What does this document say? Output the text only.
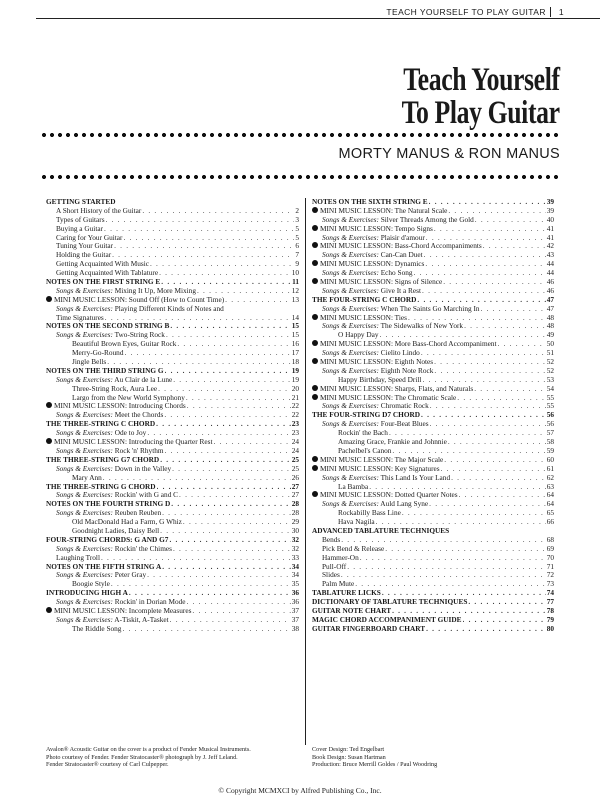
TEACH YOURSELF TO PLAY GUITAR 1
Teach Yourself
To Play Guitar
MORTY MANUS & RON MANUS
GETTING STARTED
A Short History of the Guitar . . .	2
Types of Guitars . . .	3
Buying a Guitar . . .	5
Caring for Your Guitar . . .	5
Tuning Your Guitar . . .	6
Holding the Guitar . . .	7
Getting Acquainted With Music . . .	9
Getting Acquainted With Tablature . . .	10
NOTES ON THE FIRST STRING E . . .	11
Songs & Exercises: Mixing It Up, More Mixing . . .	12
MINI MUSIC LESSON: Sound Off (How to Count Time) . . .	13
Songs & Exercises: Playing Different Kinds of Notes and
Time Signatures . . .	14
NOTES ON THE SECOND STRING B . . .	15
Songs & Exercises: Two-String Rock . . .	15
Beautiful Brown Eyes, Guitar Rock . . .	16
Merry-Go-Round . . .	17
Jingle Bells . . .	18
NOTES ON THE THIRD STRING G . . .	19
Songs & Exercises: Au Clair de la Lune . . .	19
Three-String Rock, Aura Lee . . .	20
Largo from the New World Symphony . . .	21
MINI MUSIC LESSON: Introducing Chords . . .	22
Songs & Exercises: Meet the Chords . . .	22
THE THREE-STRING C CHORD . . .	23
Songs & Exercises: Ode to Joy . . .	23
MINI MUSIC LESSON: Introducing the Quarter Rest . . .	24
Songs & Exercises: Rock 'n' Rhythm . . .	24
THE THREE-STRING G7 CHORD . . .	25
Songs & Exercises: Down in the Valley . . .	25
Mary Ann . . .	26
THE THREE-STRING G CHORD . . .	27
Songs & Exercises: Rockin' with G and C . . .	27
NOTES ON THE FOURTH STRING D . . .	28
Songs & Exercises: Reuben Reuben . . .	28
Old MacDonald Had a Farm, G Whiz . . .	29
Goodnight Ladies, Daisy Bell . . .	30
FOUR-STRING CHORDS: G AND G7 . . .	32
Songs & Exercises: Rockin' the Chimes . . .	32
Laughing Troll . . .	33
NOTES ON THE FIFTH STRING A . . .	34
Songs & Exercises: Peter Gray . . .	34
Boogie Style . . .	35
INTRODUCING HIGH A . . .	36
Songs & Exercises: Rockin' in Dorian Mode . . .	36
MINI MUSIC LESSON: Incomplete Measures . . .	37
Songs & Exercises: A-Tiskit, A-Tasket . . .	37
The Riddle Song . . .	38
NOTES ON THE SIXTH STRING E . . .	39
MINI MUSIC LESSON: The Natural Scale . . .	39
Songs & Exercises: Silver Threads Among the Gold . . .	40
MINI MUSIC LESSON: Tempo Signs . . .	41
Songs & Exercises: Plaisir d'amour . . .	41
MINI MUSIC LESSON: Bass-Chord Accompaniments . . .	42
Songs & Exercises: Can-Can Duet . . .	43
MINI MUSIC LESSON: Dynamics . . .	44
Songs & Exercises: Echo Song . . .	44
MINI MUSIC LESSON: Signs of Silence . . .	46
Songs & Exercises: Give It a Rest . . .	46
THE FOUR-STRING C CHORD . . .	47
Songs & Exercises: When The Saints Go Marching In . . .	47
MINI MUSIC LESSON: Ties . . .	48
Songs & Exercises: The Sidewalks of New York . . .	48
O Happy Day . . .	49
MINI MUSIC LESSON: More Bass-Chord Accompaniment . . .	50
Songs & Exercises: Cielito Lindo . . .	51
MINI MUSIC LESSON: Eighth Notes . . .	52
Songs & Exercises: Eighth Note Rock . . .	52
Happy Birthday, Speed Drill . . .	53
MINI MUSIC LESSON: Sharps, Flats, and Naturals . . .	54
MINI MUSIC LESSON: The Chromatic Scale . . .	55
Songs & Exercises: Chromatic Rock . . .	55
THE FOUR-STRING D7 CHORD . . .	56
Songs & Exercises: Four-Beat Blues . . .	56
Rockin' the Bach . . .	57
Amazing Grace, Frankie and Johnnie . . .	58
Pachelbel's Canon . . .	59
MINI MUSIC LESSON: The Major Scale . . .	60
MINI MUSIC LESSON: Key Signatures . . .	61
Songs & Exercises: This Land Is Your Land . . .	62
La Bamba . . .	63
MINI MUSIC LESSON: Dotted Quarter Notes . . .	64
Songs & Exercises: Auld Lang Syne . . .	64
Rockabilly Bass Line . . .	65
Hava Nagila . . .	66
ADVANCED TABLATURE TECHNIQUES
Bends . . .	68
Pick Bend & Release . . .	69
Hammer-On . . .	70
Pull-Off . . .	71
Slides . . .	72
Palm Mute . . .	73
TABLATURE LICKS . . .	74
DICTIONARY OF TABLATURE TECHNIQUES . . .	77
GUITAR NOTE CHART . . .	78
MAGIC CHORD ACCOMPANIMENT GUIDE . . .	79
GUITAR FINGERBOARD CHART . . .	80
Avalon® Acoustic Guitar on the cover is a product of Fender Musical Instruments.
Photo courtesy of Fender. Fender Stratocaster® photograph by J. Jeff Leland.
Fender Stratocaster® courtesy of Carl Culpepper.
Cover Design: Ted Engelbart
Book Design: Susan Hartman
Production: Bruce Merrill Goldes / Paul Woodring
© Copyright MCMXCI by Alfred Publishing Co., Inc.
